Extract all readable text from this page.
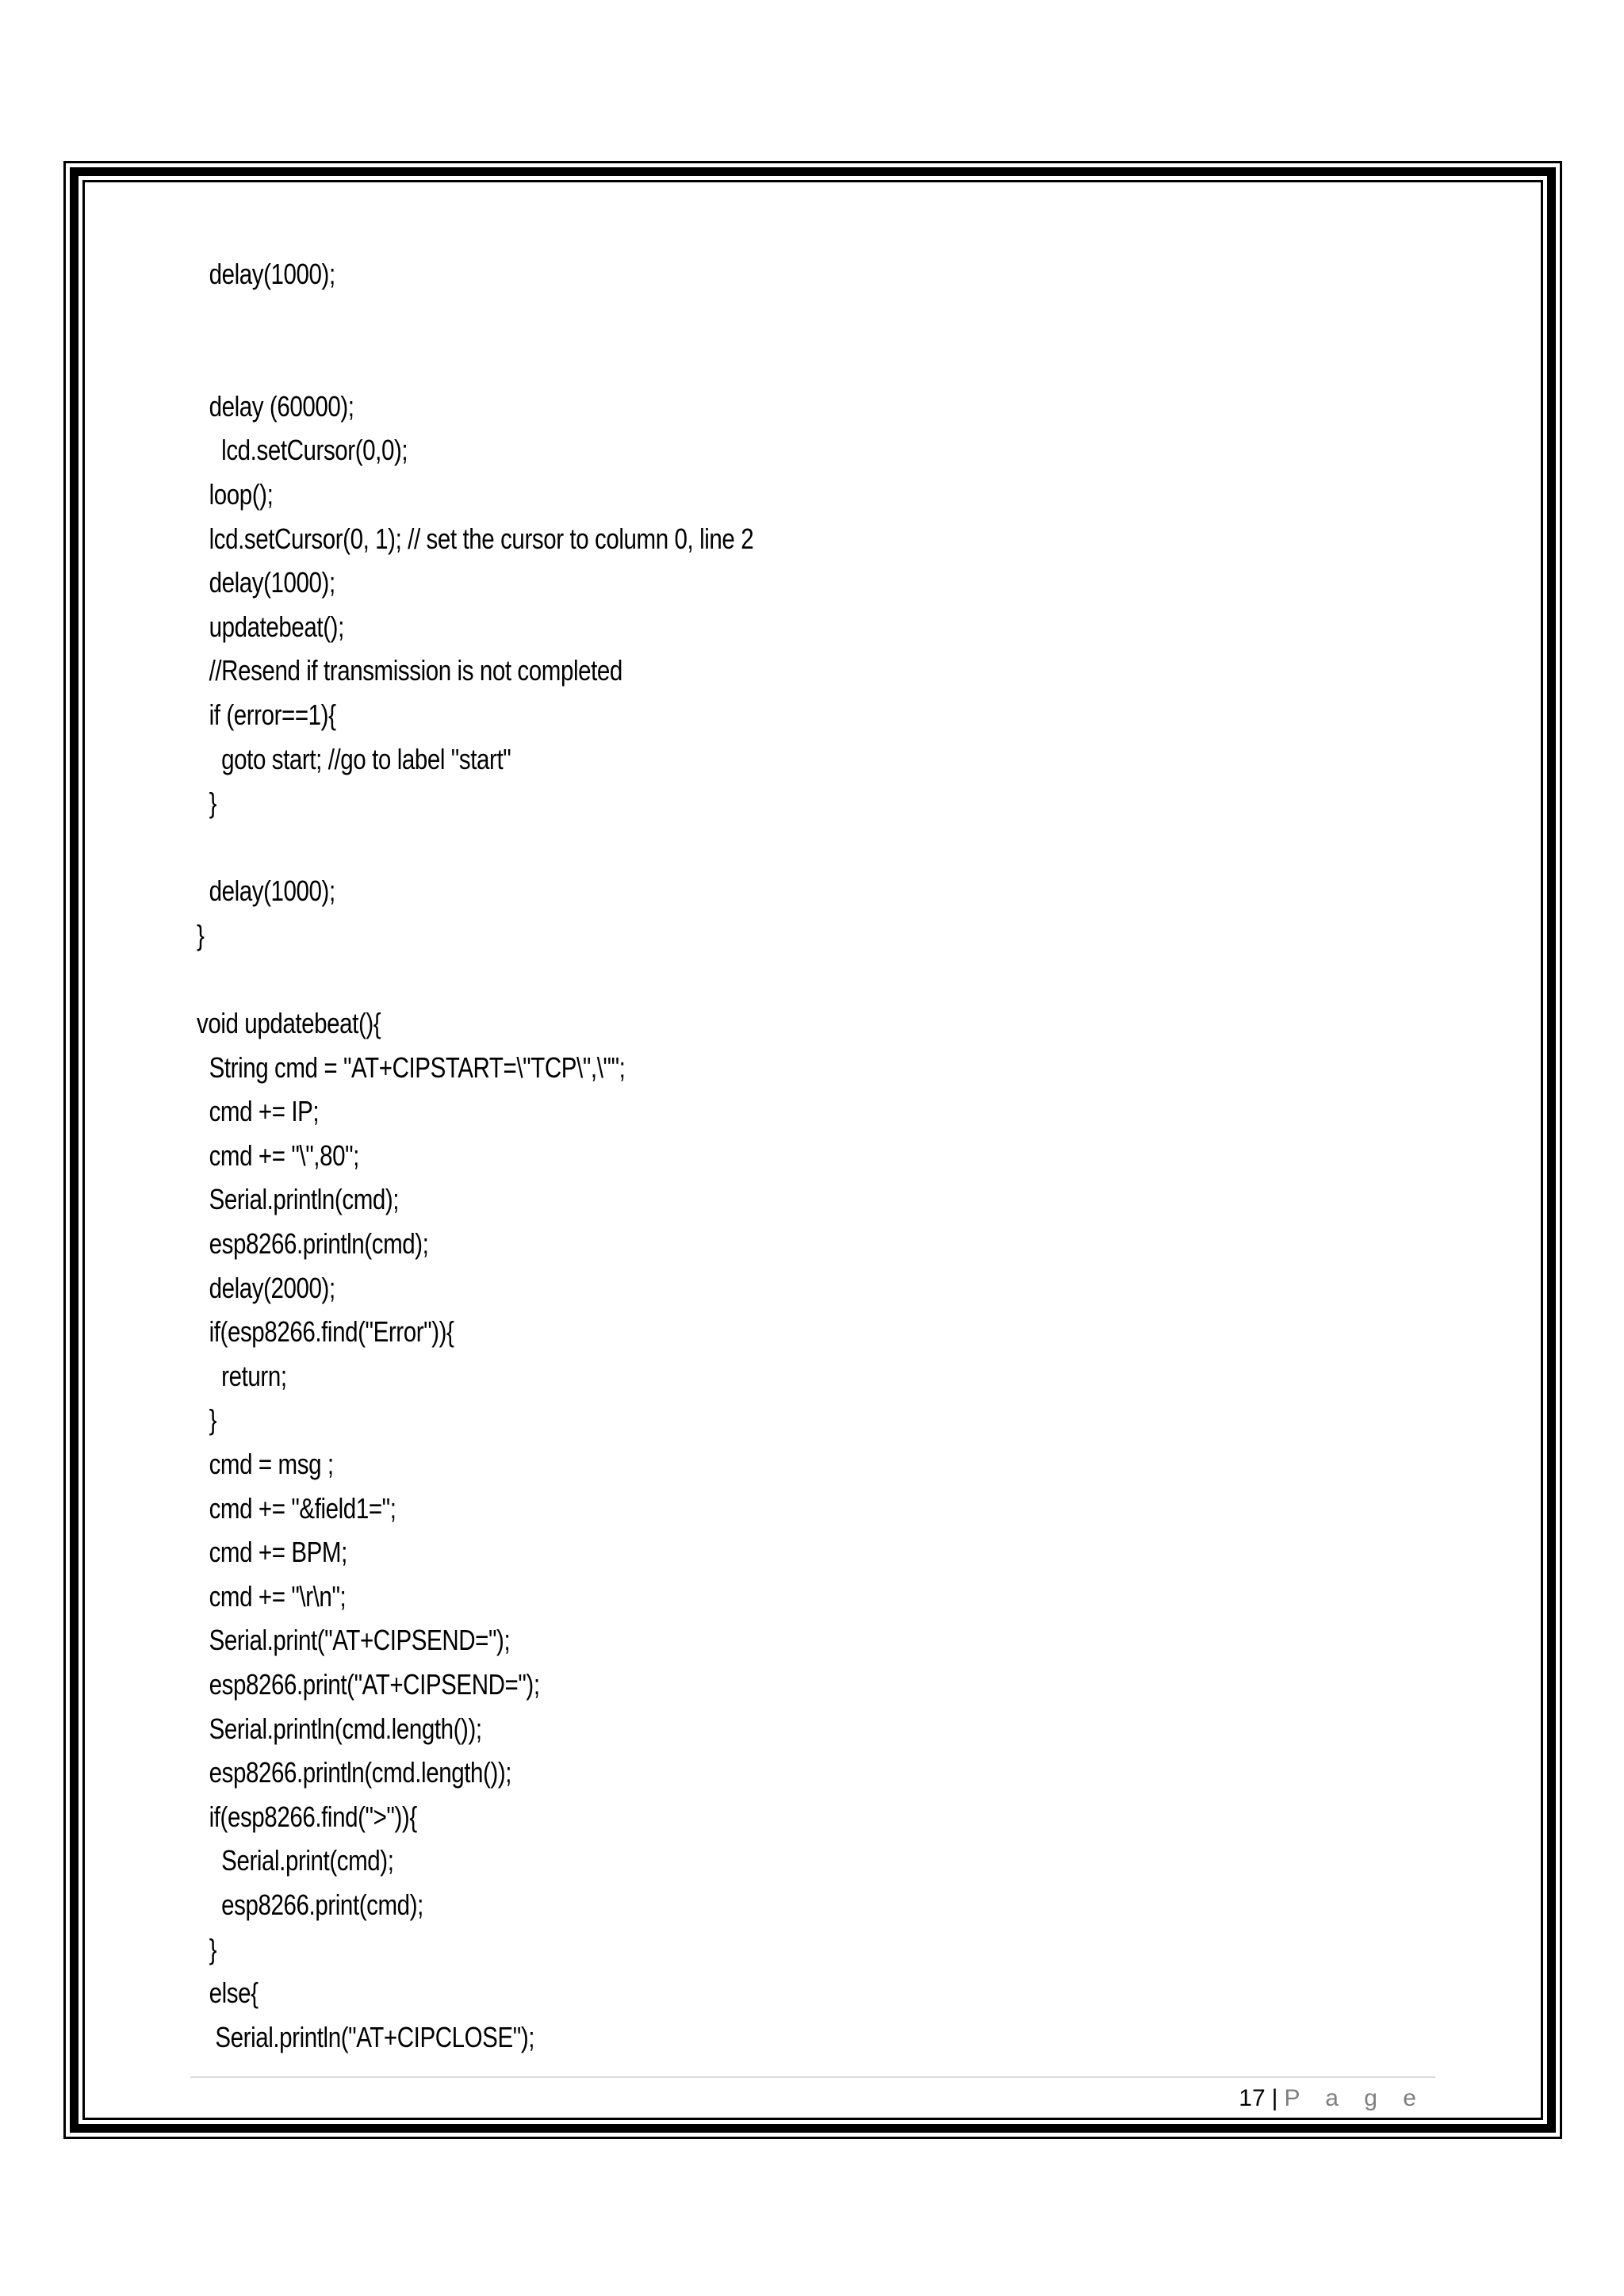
delay(1000);
delay (60000);
lcd.setCursor(0,0);
loop();
lcd.setCursor(0, 1); // set the cursor to column 0, line 2
delay(1000);
updatebeat();
//Resend if transmission is not completed
if (error==1){
goto start; //go to label "start"
}
delay(1000);
}
void updatebeat(){
String cmd = "AT+CIPSTART=\"TCP\",\"";
cmd += IP;
cmd += "\",80";
Serial.println(cmd);
esp8266.println(cmd);
delay(2000);
if(esp8266.find("Error")){
return;
}
cmd = msg ;
cmd += "&field1=";
cmd += BPM;
cmd += "\r\n";
Serial.print("AT+CIPSEND=");
esp8266.print("AT+CIPSEND=");
Serial.println(cmd.length());
esp8266.println(cmd.length());
if(esp8266.find(">")){
Serial.print(cmd);
esp8266.print(cmd);
}
else{
Serial.println("AT+CIPCLOSE");
17 | P a g e
